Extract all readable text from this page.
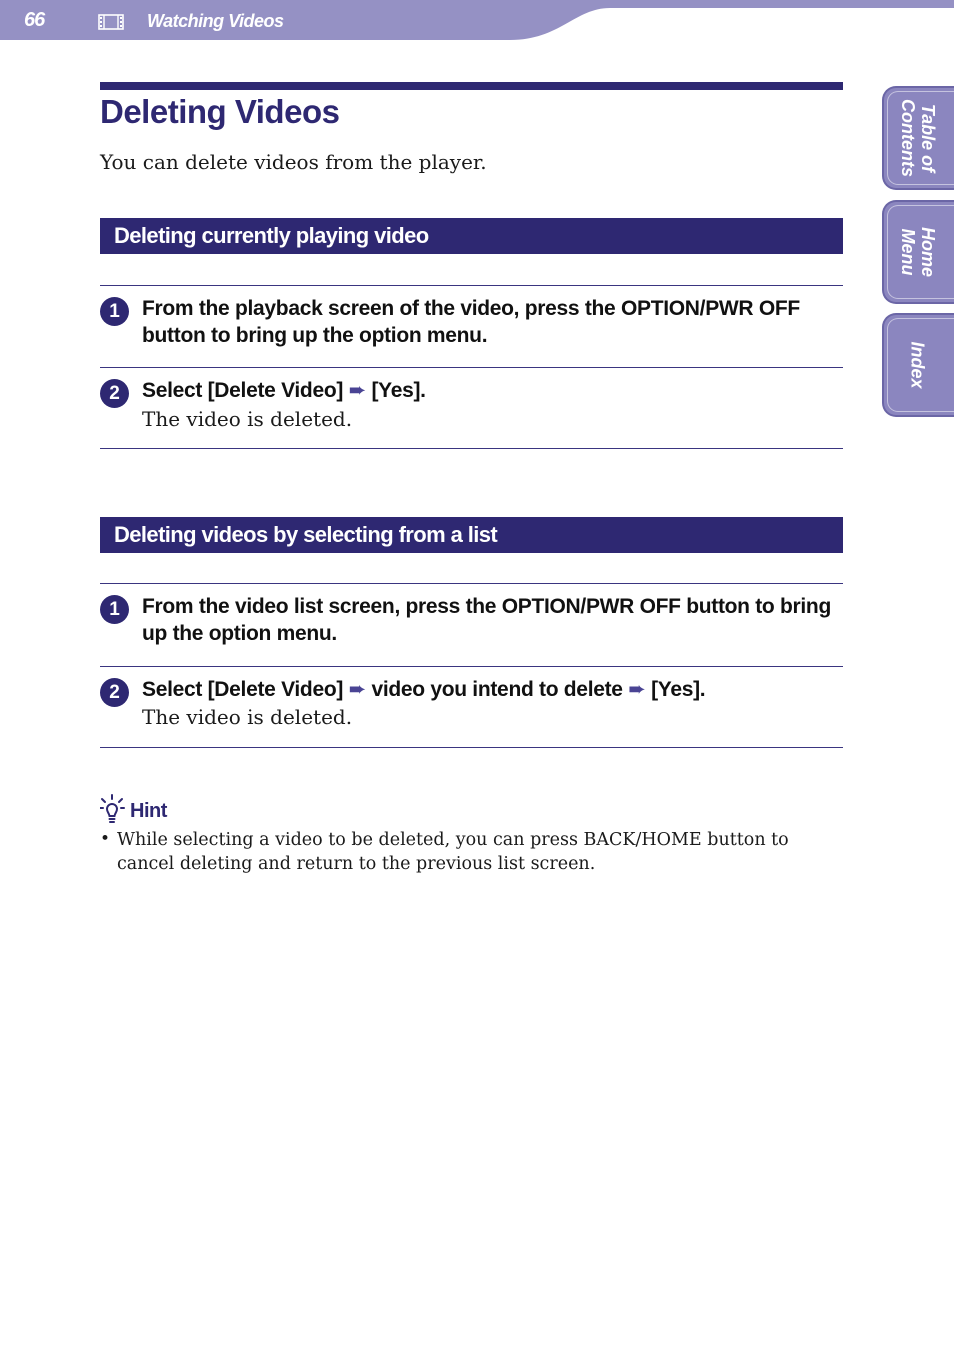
66	Watching Videos
Table of
Contents
Home
Menu
Index
Deleting Videos

You can delete videos from the player.

Deleting currently playing video
1	From the playback screen of the video, press the OPTION/PWR OFF button to bring up the option menu.
2	Select [Delete Video] ➨ [Yes].
The video is deleted.
Deleting videos by selecting from a list
1	From the video list screen, press the OPTION/PWR OFF button to bring up the option menu.
2	Select [Delete Video] ➨ video you intend to delete ➨ [Yes].
The video is deleted.
Hint
• While selecting a video to be deleted, you can press BACK/HOME button to cancel deleting and return to the previous list screen.
